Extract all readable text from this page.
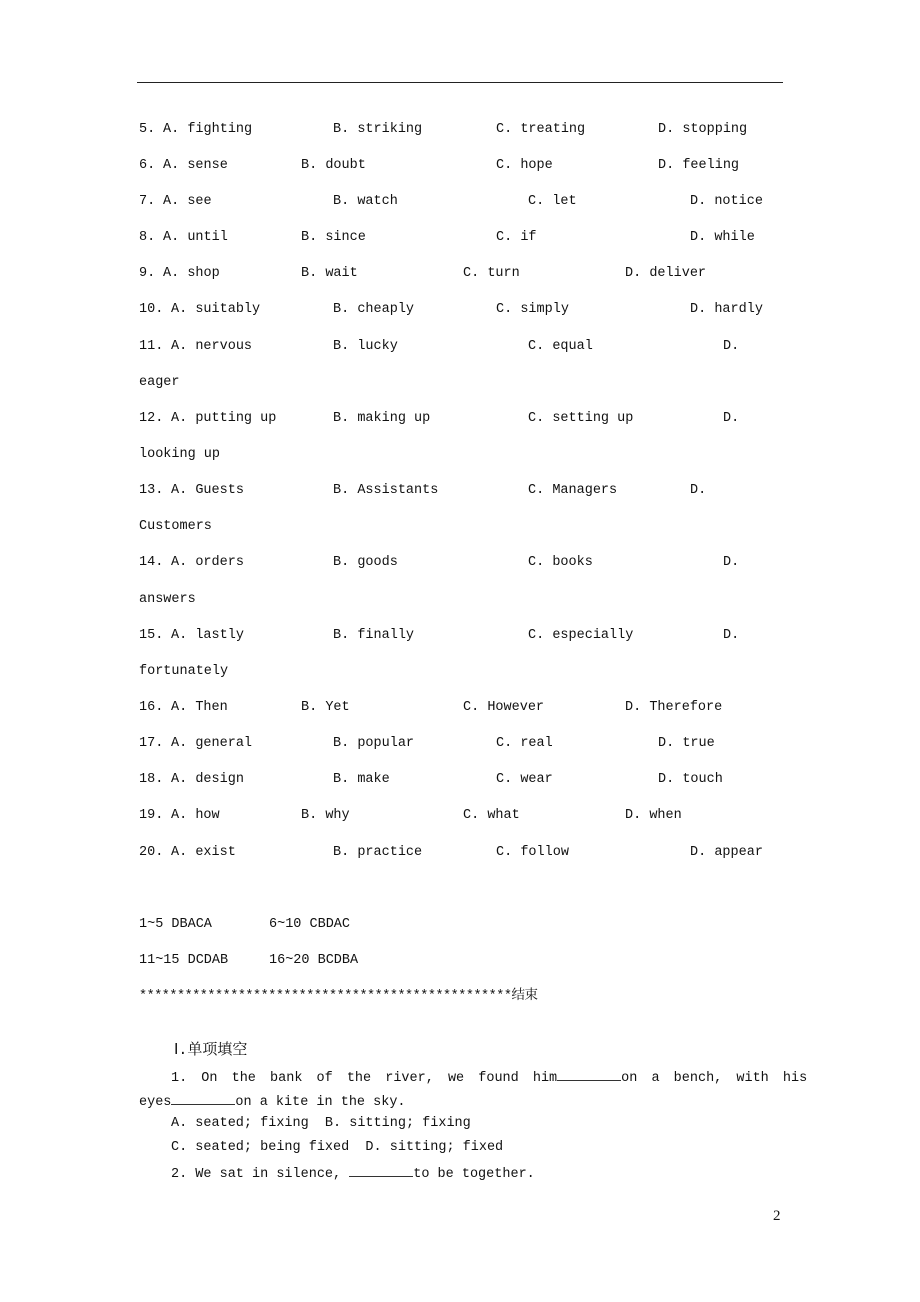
5. A. fighting	B. striking	C. treating	D. stopping
6. A. sense	B. doubt	C. hope	D. feeling
7. A. see	B. watch	C. let	D. notice
8. A. until	B. since	C. if	D. while
9. A. shop	B. wait	C. turn	D. deliver
10. A. suitably	B. cheaply	C. simply	D. hardly
11. A. nervous	B. lucky	C. equal	D.
eager
12. A. putting up	B. making up	C. setting up	D.
looking up
13. A. Guests	B. Assistants	C. Managers	D.
Customers
14. A. orders	B. goods	C. books	D.
answers
15. A. lastly	B. finally	C. especially	D.
fortunately
16. A. Then	B. Yet	C. However	D. Therefore
17. A. general	B. popular	C. real	D. true
18. A. design	B. make	C. wear	D. touch
19. A. how	B. why	C. what	D. when
20. A. exist	B. practice	C. follow	D. appear
1~5 DBACA	6~10 CBDAC
11~15 DCDAB	16~20 BCDBA
*************************************************结束
Ⅰ.单项填空
1. On the bank of the river, we found him	on a bench, with his
eyes	on a kite in the sky.
A. seated; fixing  B. sitting; fixing
C. seated; being fixed  D. sitting; fixed
2. We sat in silence,	to be together.
2
